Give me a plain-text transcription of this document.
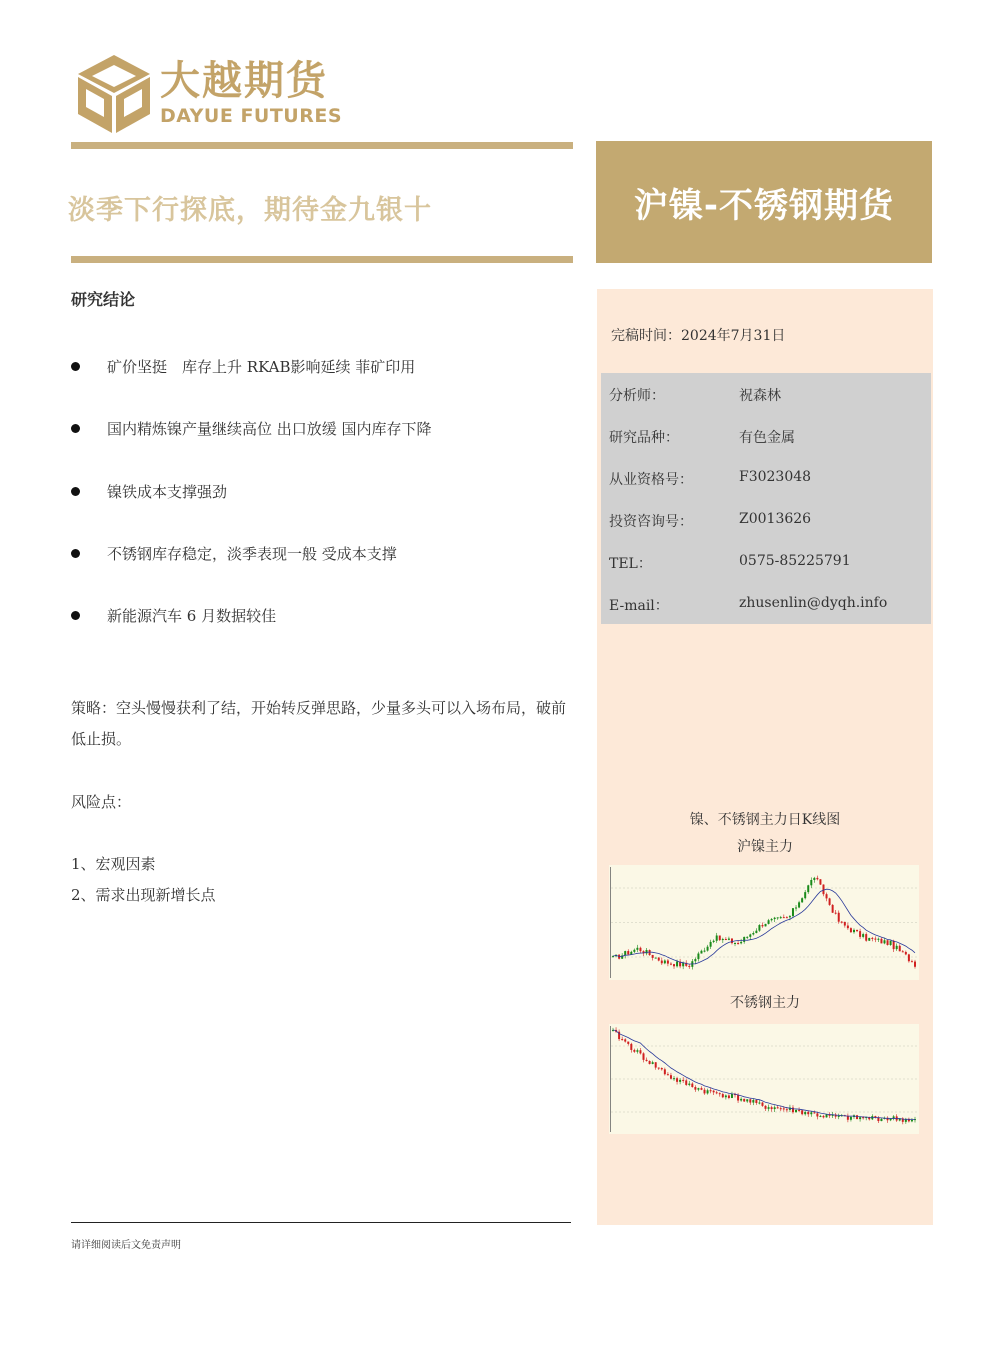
大越期货
DAYUE FUTURES
淡季下行探底，期待金九银十	沪镍-不锈钢期货
研究结论
矿价坚挺　库存上升 RKAB影响延续 菲矿印用
国内精炼镍产量继续高位 出口放缓 国内库存下降
镍铁成本支撑强劲
不锈钢库存稳定，淡季表现一般 受成本支撑
新能源汽车 6 月数据较佳
策略：空头慢慢获利了结，开始转反弹思路，少量多头可以入场布局，破前低止损。
风险点：
1、宏观因素
2、需求出现新增长点
请详细阅读后文免责声明
完稿时间：2024年7月31日
分析师：	祝森林
研究品种：	有色金属
从业资格号：	F3023048
投资咨询号：	Z0013626
TEL：	0575-85225791
E-mail：	zhusenlin@dyqh.info
镍、不锈钢主力日K线图
沪镍主力
不锈钢主力
